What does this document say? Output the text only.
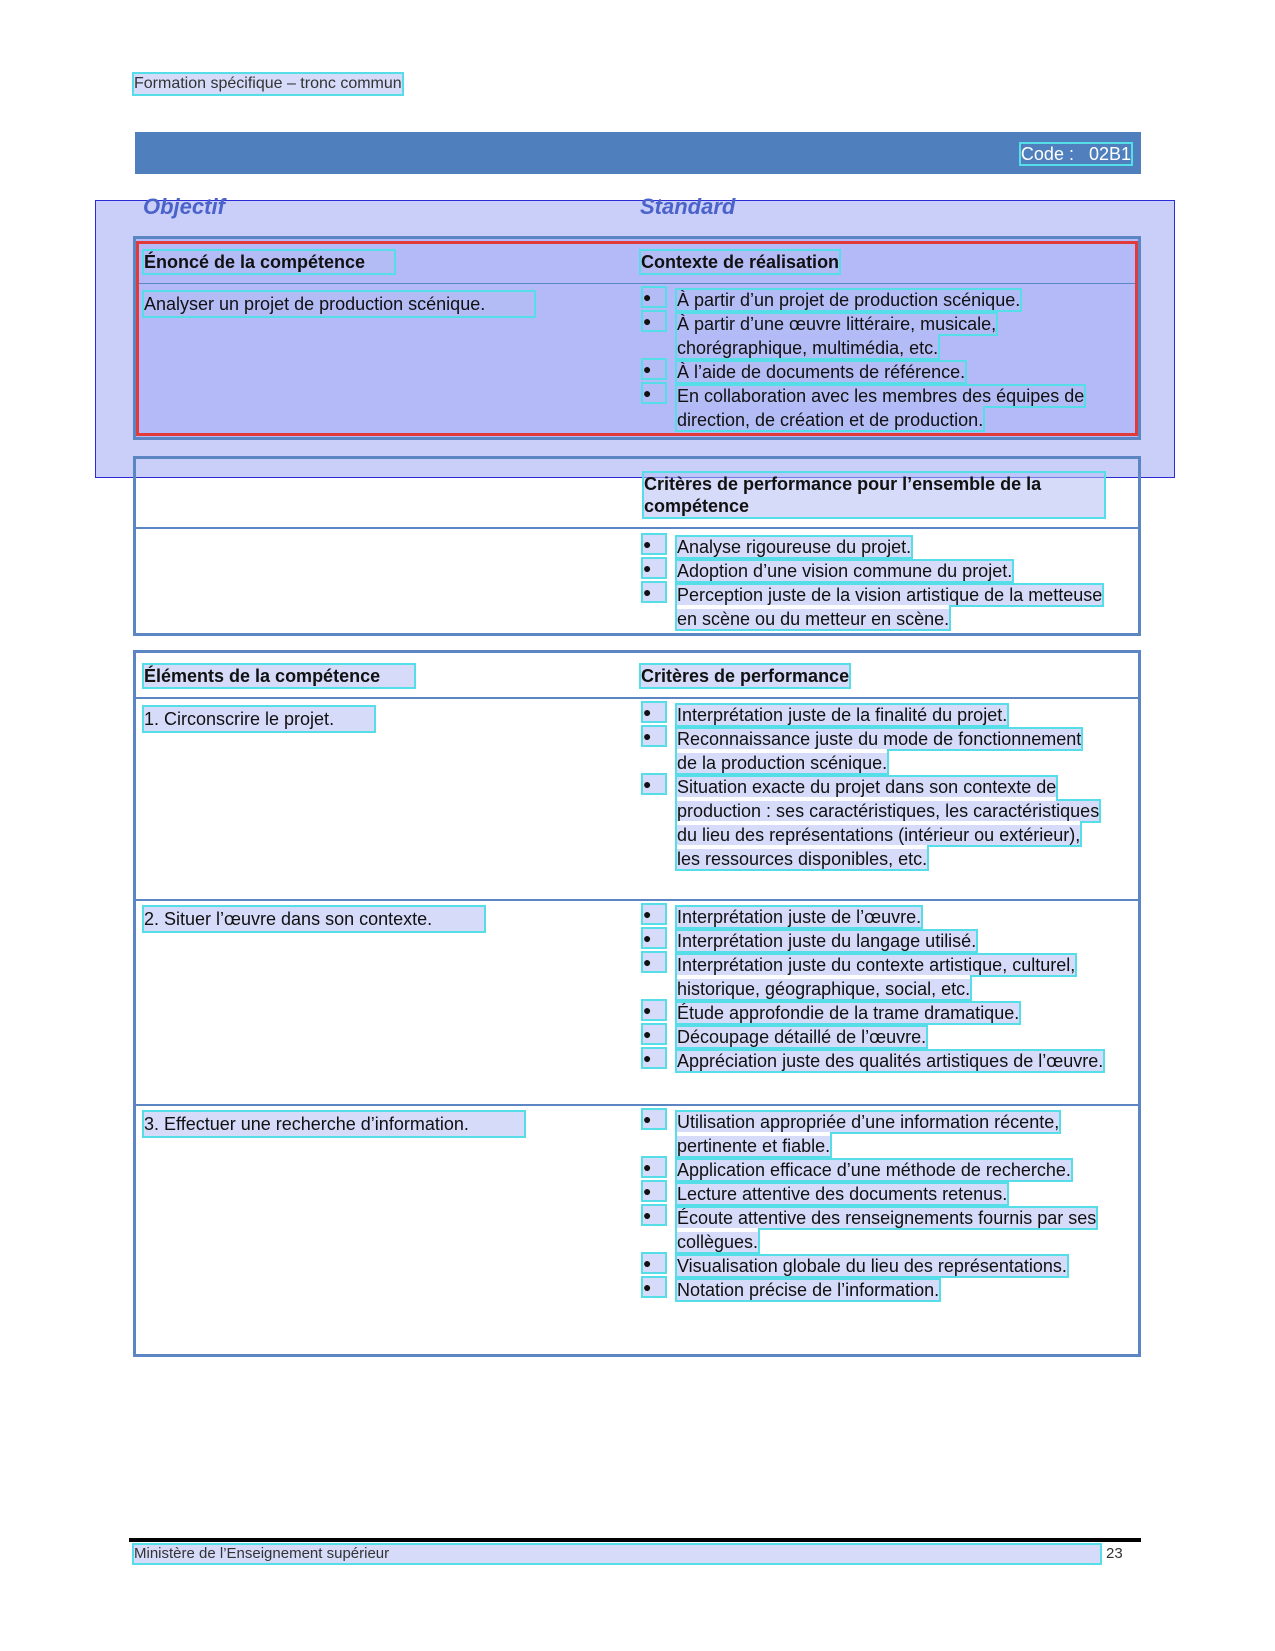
Formation spécifique – tronc commun
Code :   02B1
Objectif	Standard
Énoncé de la compétence	Contexte de réalisation
Analyser un projet de production scénique.	●	À partir d’un projet de production scénique.
●	À partir d’une œuvre littéraire, musicale, chorégraphique, multimédia, etc.
●	À l’aide de documents de référence.
●	En collaboration avec les membres des équipes de direction, de création et de production.
Critères de performance pour l’ensemble de la compétence
●	Analyse rigoureuse du projet.
●	Adoption d’une vision commune du projet.
●	Perception juste de la vision artistique de la metteuse en scène ou du metteur en scène.
Éléments de la compétence	Critères de performance
1. Circonscrire le projet.	●	Interprétation juste de la finalité du projet.
●	Reconnaissance juste du mode de fonctionnement de la production scénique.
●	Situation exacte du projet dans son contexte de production : ses caractéristiques, les caractéristiques du lieu des représentations (intérieur ou extérieur), les ressources disponibles, etc.
2. Situer l’œuvre dans son contexte.	●	Interprétation juste de l’œuvre.
●	Interprétation juste du langage utilisé.
●	Interprétation juste du contexte artistique, culturel, historique, géographique, social, etc.
●	Étude approfondie de la trame dramatique.
●	Découpage détaillé de l’œuvre.
●	Appréciation juste des qualités artistiques de l’œuvre.
3. Effectuer une recherche d’information.	●	Utilisation appropriée d’une information récente, pertinente et fiable.
●	Application efficace d’une méthode de recherche.
●	Lecture attentive des documents retenus.
●	Écoute attentive des renseignements fournis par ses collègues.
●	Visualisation globale du lieu des représentations.
●	Notation précise de l’information.
Ministère de l’Enseignement supérieur	23
